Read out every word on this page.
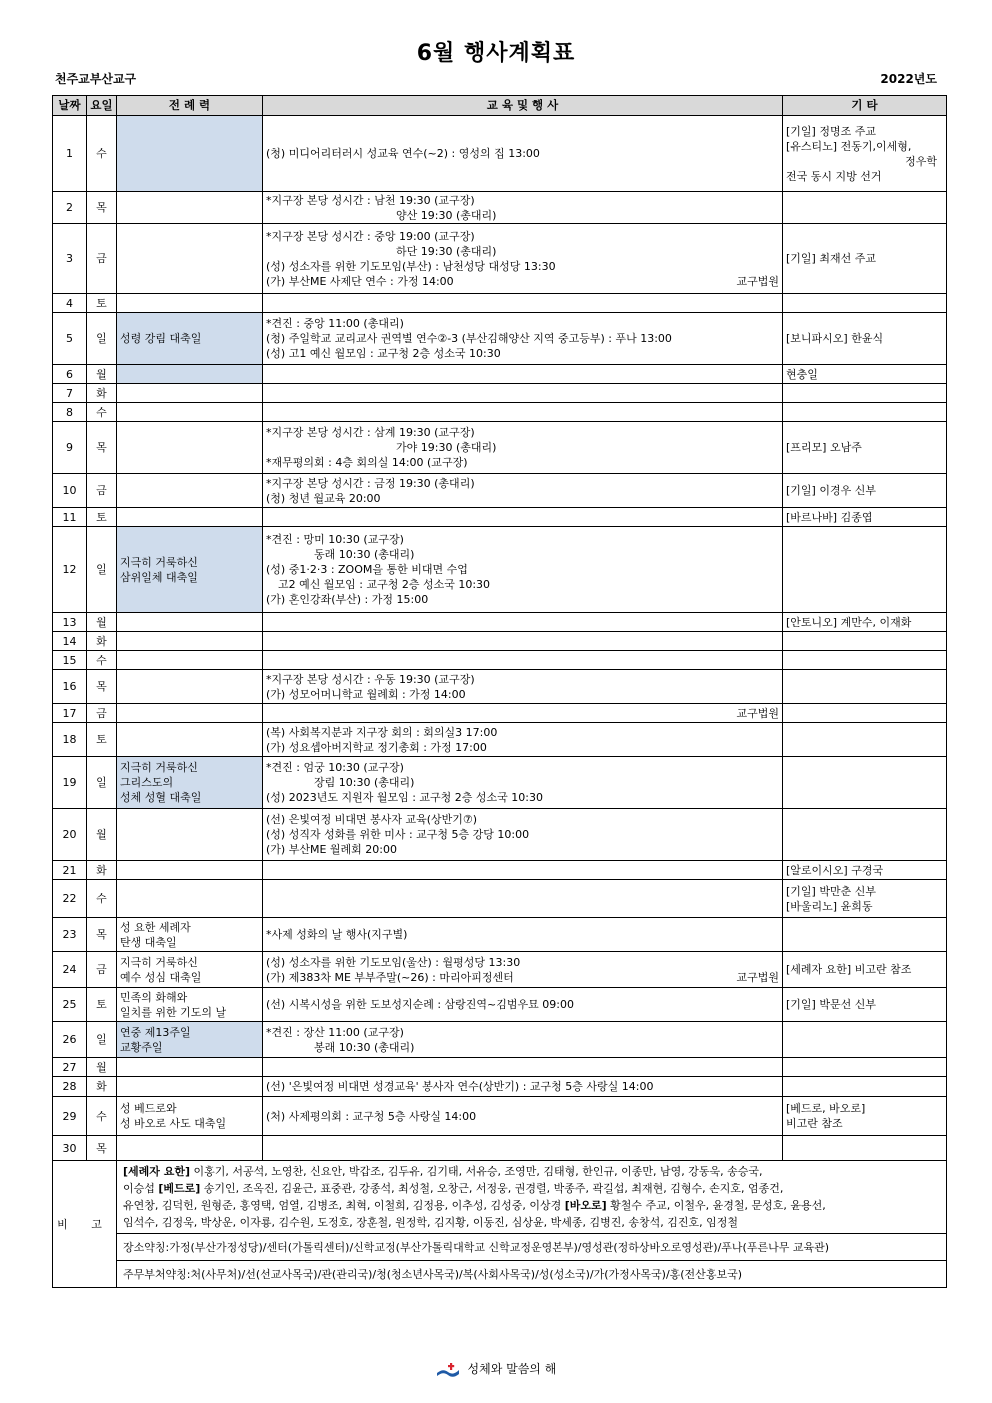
6월 행사계획표
천주교부산교구	2022년도
날짜	요일	전 례 력	교 육 및 행 사	기 타
1	수		(청) 미디어리터러시 성교육 연수(~2) : 영성의 집 13:00	[기일] 정명조 주교
[유스티노] 전동기,이세형,
정우학
전국 동시 지방 선거

2	목		*지구장 본당 성시간 : 남천 19:30 (교구장)
양산 19:30 (총대리)	

3	금		*지구장 본당 성시간 : 중앙 19:00 (교구장)
하단 19:30 (총대리)
(성) 성소자를 위한 기도모임(부산) : 남천성당 대성당 13:30
(가) 부산ME 사제단 연수 : 가정 14:00 교구법원	[기일] 최재선 주교

4	토			
5	일	성령 강림 대축일	*견진 : 중앙 11:00 (총대리)
(청) 주일학교 교리교사 권역별 연수②-3 (부산김해양산 지역 중고등부) : 푸나 13:00
(성) 고1 예신 월모임 : 교구청 2층 성소국 10:30	[보니파시오] 한윤식

6	월			현충일

7	화			
8	수			
9	목		*지구장 본당 성시간 : 삼계 19:30 (교구장)
가야 19:30 (총대리)
*재무평의회 : 4층 회의실 14:00 (교구장)	[프리모] 오남주

10	금		*지구장 본당 성시간 : 금정 19:30 (총대리)
(청) 청년 월교육 20:00	[기일] 이경우 신부

11	토			[바르나바] 김종엽

12	일	지극히 거룩하신
삼위일체 대축일	*견진 : 망미 10:30 (교구장)
동래 10:30 (총대리)
(성) 중1·2·3 : ZOOM을 통한 비대면 수업
고2 예신 월모임 : 교구청 2층 성소국 10:30
(가) 혼인강좌(부산) : 가정 15:00	

13	월			[안토니오] 계만수, 이재화

14	화			
15	수			
16	목		*지구장 본당 성시간 : 우동 19:30 (교구장)
(가) 성모어머니학교 월례회 : 가정 14:00	

17	금		교구법원	

18	토		(복) 사회복지분과 지구장 회의 : 회의실3 17:00
(가) 성요셉아버지학교 정기총회 : 가정 17:00	

19	일	지극히 거룩하신
그리스도의
성체 성혈 대축일	*견진 : 엄궁 10:30 (교구장)
장림 10:30 (총대리)
(성) 2023년도 지원자 월모임 : 교구청 2층 성소국 10:30	

20	월		(선) 은빛여정 비대면 봉사자 교육(상반기⑦)
(성) 성직자 성화를 위한 미사 : 교구청 5층 강당 10:00
(가) 부산ME 월례회 20:00	

21	화			[알로이시오] 구경국

22	수			[기일] 박만춘 신부
[바울리노] 윤희동

23	목	성 요한 세례자
탄생 대축일	*사제 성화의 날 행사(지구별)	

24	금	지극히 거룩하신
예수 성심 대축일	(성) 성소자를 위한 기도모임(울산) : 월평성당 13:30
(가) 제383차 ME 부부주말(~26) : 마리아피정센터 교구법원	[세례자 요한] 비고란 참조

25	토	민족의 화해와
일치를 위한 기도의 날	(선) 시복시성을 위한 도보성지순례 : 삼랑진역~김범우묘 09:00	[기일] 박문선 신부

26	일	연중 제13주일
교황주일	*견진 : 장산 11:00 (교구장)
봉래 10:30 (총대리)	

27	월			
28	화		(선) '은빛여정 비대면 성경교육' 봉사자 연수(상반기) : 교구청 5층 사랑실 14:00	

29	수	성 베드로와
성 바오로 사도 대축일	(처) 사제평의회 : 교구청 5층 사랑실 14:00	[베드로, 바오로]
비고란 참조

30	목			
비 고		[세례자 요한] 이홍기, 서공석, 노영찬, 신요안, 박갑조, 김두유, 김기태, 서유승, 조영만, 김태형, 한인규, 이종만, 남영, 강동욱, 송승국,
이승섭 [베드로] 송기인, 조옥진, 김윤근, 표중관, 강종석, 최성철, 오창근, 서정웅, 권경렬, 박종주, 곽길섭, 최재현, 김형수, 손지호, 엄종건,
유연창, 김덕헌, 원형준, 홍영택, 엄열, 김병조, 최혁, 이철희, 김정용, 이추성, 김성중, 이상경 [바오로] 황철수 주교, 이철우, 윤경철, 문성호, 윤용선,
임석수, 김정욱, 박상운, 이자룡, 김수원, 도정호, 장훈철, 원정학, 김지황, 이동진, 심상윤, 박세종, 김병진, 송창석, 김진호, 임정철		
		장소약칭:가정(부산가정성당)/센터(가톨릭센터)/신학교정(부산가톨릭대학교 신학교정운영본부)/영성관(정하상바오로영성관)/푸나(푸른나무 교육관)		
		주무부처약칭:처(사무처)/선(선교사목국)/관(관리국)/청(청소년사목국)/복(사회사목국)/성(성소국)/가(가정사목국)/홍(전산홍보국)		
성체와 말씀의 해
